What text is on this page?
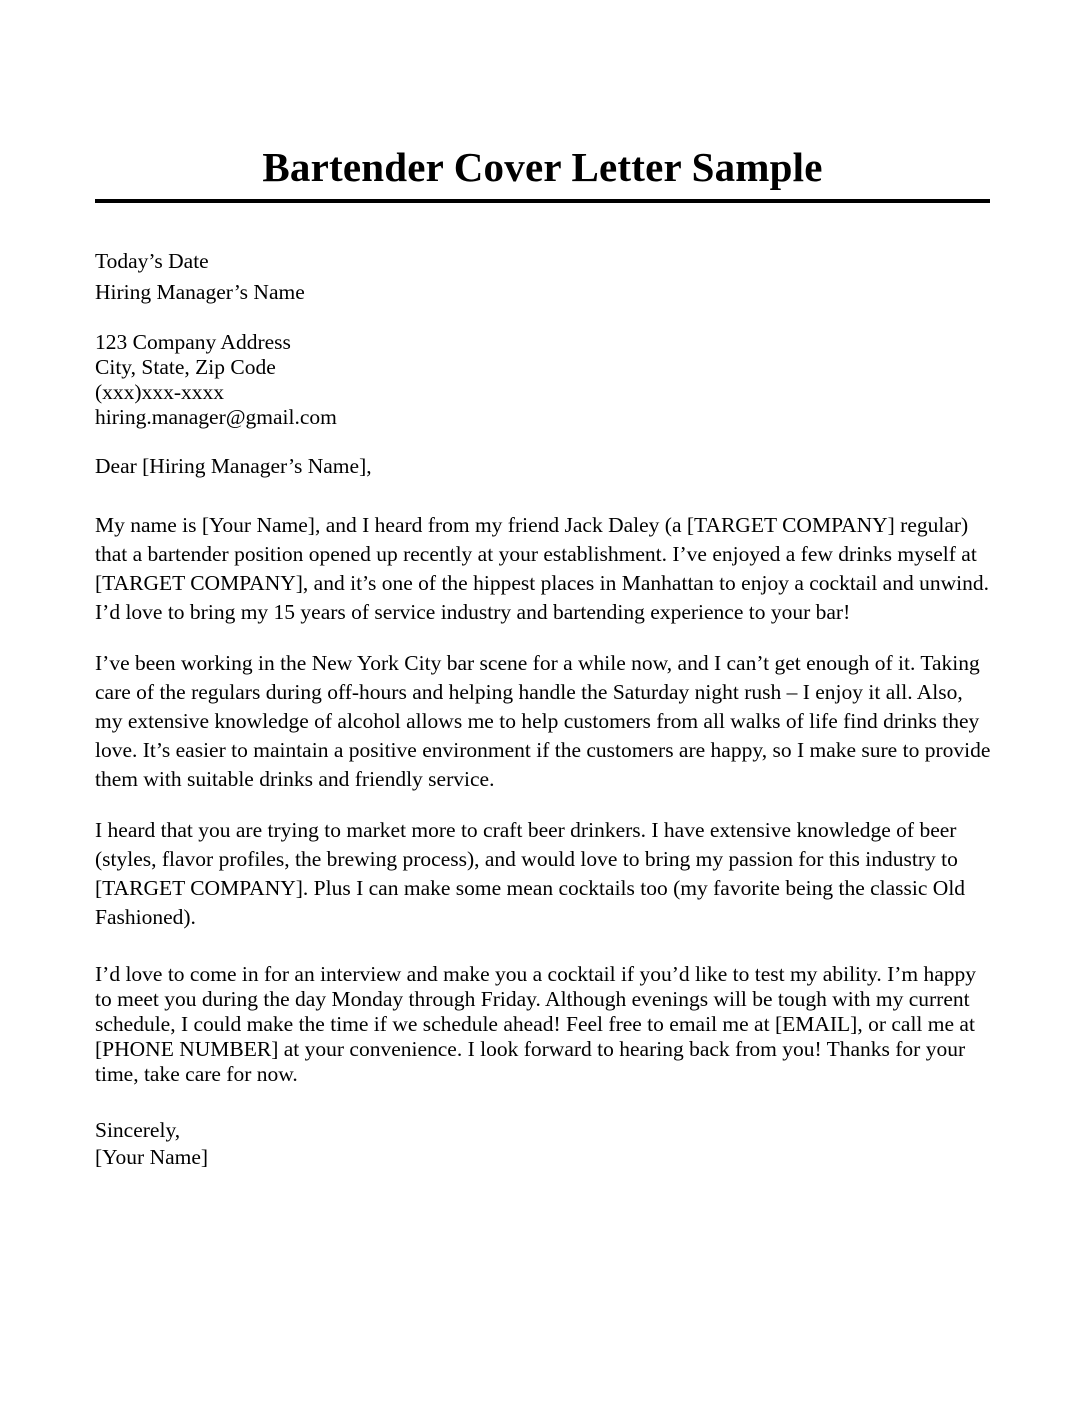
Bartender Cover Letter Sample
Today’s Date
Hiring Manager’s Name
123 Company Address
City, State, Zip Code
(xxx)xxx-xxxx
hiring.manager@gmail.com
Dear [Hiring Manager’s Name],

My name is [Your Name], and I heard from my friend Jack Daley (a [TARGET COMPANY] regular) that a bartender position opened up recently at your establishment. I’ve enjoyed a few drinks myself at [TARGET COMPANY], and it’s one of the hippest places in Manhattan to enjoy a cocktail and unwind. I’d love to bring my 15 years of service industry and bartending experience to your bar!

I’ve been working in the New York City bar scene for a while now, and I can’t get enough of it. Taking care of the regulars during off-hours and helping handle the Saturday night rush – I enjoy it all. Also, my extensive knowledge of alcohol allows me to help customers from all walks of life find drinks they love. It’s easier to maintain a positive environment if the customers are happy, so I make sure to provide them with suitable drinks and friendly service.

I heard that you are trying to market more to craft beer drinkers. I have extensive knowledge of beer (styles, flavor profiles, the brewing process), and would love to bring my passion for this industry to [TARGET COMPANY]. Plus I can make some mean cocktails too (my favorite being the classic Old Fashioned).

I’d love to come in for an interview and make you a cocktail if you’d like to test my ability. I’m happy to meet you during the day Monday through Friday. Although evenings will be tough with my current schedule, I could make the time if we schedule ahead! Feel free to email me at [EMAIL], or call me at [PHONE NUMBER] at your convenience. I look forward to hearing back from you! Thanks for your time, take care for now.

Sincerely,
[Your Name]
